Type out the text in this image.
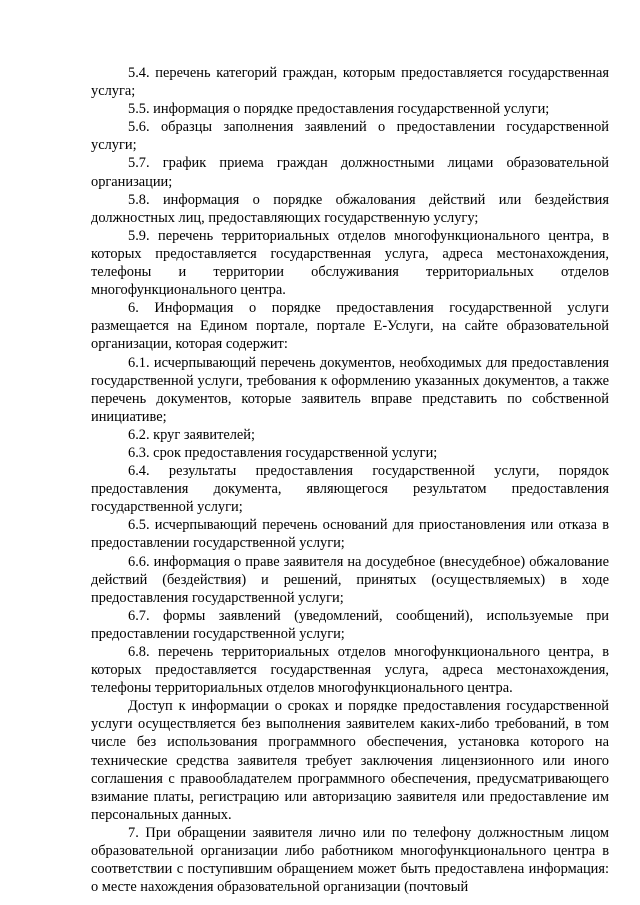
5.4. перечень категорий граждан, которым предоставляется государственная услуга;

5.5. информация о порядке предоставления государственной услуги;

5.6. образцы заполнения заявлений о предоставлении государственной услуги;

5.7. график приема граждан должностными лицами образовательной организации;

5.8. информация о порядке обжалования действий или бездействия должностных лиц, предоставляющих государственную услугу;

5.9. перечень территориальных отделов многофункционального центра, в которых предоставляется государственная услуга, адреса местонахождения, телефоны и территории обслуживания территориальных отделов многофункционального центра.

6. Информация о порядке предоставления государственной услуги размещается на Едином портале, портале Е-Услуги, на сайте образовательной организации, которая содержит:

6.1. исчерпывающий перечень документов, необходимых для предоставления государственной услуги, требования к оформлению указанных документов, а также перечень документов, которые заявитель вправе представить по собственной инициативе;

6.2. круг заявителей;

6.3. срок предоставления государственной услуги;

6.4. результаты предоставления государственной услуги, порядок предоставления документа, являющегося результатом предоставления государственной услуги;

6.5. исчерпывающий перечень оснований для приостановления или отказа в предоставлении государственной услуги;

6.6. информация о праве заявителя на досудебное (внесудебное) обжалование действий (бездействия) и решений, принятых (осуществляемых) в ходе предоставления государственной услуги;

6.7. формы заявлений (уведомлений, сообщений), используемые при предоставлении государственной услуги;

6.8. перечень территориальных отделов многофункционального центра, в которых предоставляется государственная услуга, адреса местонахождения, телефоны территориальных отделов многофункционального центра.

Доступ к информации о сроках и порядке предоставления государственной услуги осуществляется без выполнения заявителем каких-либо требований, в том числе без использования программного обеспечения, установка которого на технические средства заявителя требует заключения лицензионного или иного соглашения с правообладателем программного обеспечения, предусматривающего взимание платы, регистрацию или авторизацию заявителя или предоставление им персональных данных.

7. При обращении заявителя лично или по телефону должностным лицом образовательной организации либо работником многофункционального центра в соответствии с поступившим обращением может быть предоставлена информация: о месте нахождения образовательной организации (почтовый
